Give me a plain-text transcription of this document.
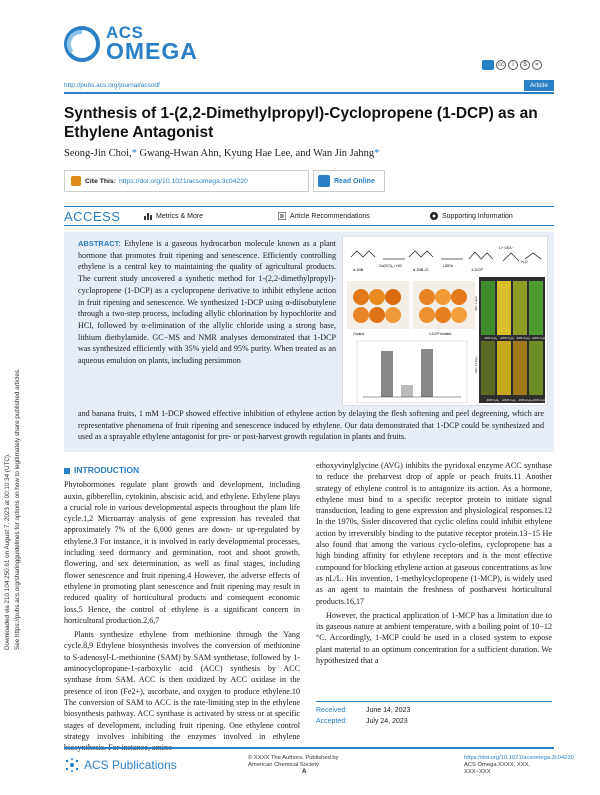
Downloaded via 210.104.250.61 on August 7, 2023 at 00:10:34 (UTC). See https://pubs.acs.org/sharingguidelines for options on how to legitimately share published articles.
ACS
OMEGA
http://pubs.acs.org/journal/acsodf
cc	i	$	=
Article
Synthesis of 1-(2,2-Dimethylpropyl)-Cyclopropene (1-DCP) as an Ethylene Antagonist
Seong-Jin Choi,* Gwang-Hwan Ahn, Kyung Hae Lee, and Wan Jin Jahng*
Cite This: https://doi.org/10.1021/acsomega.3c04220	Read Online
ACCESS	Metrics & More	Article Recommendations	Supporting Information

ABSTRACT: Ethylene is a gaseous hydrocarbon molecule known as a plant hormone that promotes fruit ripening and senescence. Efficiently controlling ethylene is a central key to maintaining the quality of agricultural products. The current study uncovered a synthetic method for 1-(2,2-dimethylpropyl)-cyclopropene (1-DCP) as a cyclopropene derivative to inhibit ethylene action in fruit ripening and senescence. We synthesized 1-DCP using α-diisobutylene through a two-step process, including allylic chlorination by hypochlorite and HCl, followed by α-elimination of the allylic chloride using a strong base, lithium diethylamide. GC−MS and NMR analyses demonstrated that 1-DCP was synthesized efficiently with 35% yield and 95% purity. When treated as an aqueous emulsion on plants, including persimmon

α-DIB
Ca(OCl)₂ / HCl
α-DIB-Cl
LiDEA
1-DCP
Li⁺ DEA⁻
H₂O
Control	1-DCP treated
-DCP-C₂H₄ +DCP-C₂H₄ -DCP+C₂H₄ +DCP+C₂H₄
-DCP-C₂H₄ +DCP-C₂H₄ -DCP+C₂H₄ +DCP+C₂H₄
After 7 days
After 14 days

and banana fruits, 1 mM 1-DCP showed effective inhibition of ethylene action by delaying the flesh softening and peel degreening, which are representative phenomena of fruit ripening and senescence induced by ethylene. Our data demonstrated that 1-DCP could be synthesized and used as a sprayable ethylene antagonist for pre- or post-harvest growth regulation in plants and fruits.

INTRODUCTION

Phytohormones regulate plant growth and development, including auxin, gibberellin, cytokinin, abscisic acid, and ethylene. Ethylene plays a crucial role in various developmental aspects throughout the plant life cycle.1,2 Microarray analysis of gene expression has revealed that approximately 7% of the 6,000 genes are down- or up-regulated by ethylene.3 For instance, it is involved in early developmental processes, including seed dormancy and germination, root and shoot growth, flowering, and sex determination, as well as final stages, including flower senescence and fruit ripening.4 However, the adverse effects of ethylene in promoting plant senescence and fruit ripening may result in reduced quality of horticultural products and consequent economic loss.5 Hence, the control of ethylene is a significant concern in horticultural production.2,6,7

Plants synthesize ethylene from methionine through the Yang cycle.8,9 Ethylene biosynthesis involves the conversion of methionine to S-adenosyl-L-methionine (SAM) by SAM synthetase, followed by 1-aminocyclopropane-1-carboxylic acid (ACC) synthesis by ACC synthase from SAM. ACC is then oxidized by ACC oxidase in the presence of iron (Fe2+), ascorbate, and oxygen to produce ethylene.10 The conversion of SAM to ACC is the rate-limiting step in the ethylene biosynthesis pathway. ACC synthase is activated by stress or at specific stages of development, including fruit ripening. One ethylene control strategy involves inhibiting the enzymes involved in ethylene biosynthesis. For instance, amino-

ethoxyvinylglycine (AVG) inhibits the pyridoxal enzyme ACC synthase to reduce the preharvest drop of apple or peach fruits.11 Another strategy of ethylene control is to antagonize its action. As a hormone, ethylene must bind to a specific receptor protein to initiate signal transduction, leading to gene expression and physiological responses.12 In the 1970s, Sisler discovered that cyclic olefins could inhibit ethylene action by irreversibly binding to the putative receptor protein.13−15 He also found that among the various cyclo-olefins, cyclopropene has a high binding affinity for ethylene receptors and is the most effective compound for blocking ethylene action at gaseous concentrations as low as nL/L. His invention, 1-methylcyclopropene (1-MCP), is widely used as an agent to maintain the freshness of postharvest horticultural products.16,17

However, the practical application of 1-MCP has a limitation due to its gaseous nature at ambient temperature, with a boiling point of 10−12 °C. Accordingly, 1-MCP could be used in a closed system to expose plant material to an optimum concentration for a sufficient duration. We hypothesized that a

Received:	June 14, 2023
Accepted:	July 24, 2023
ACS Publications	© XXXX The Authors. Published by
American Chemical Society
A
https://doi.org/10.1021/acsomega.3c04220
ACS Omega XXXX, XXX, XXX−XXX
